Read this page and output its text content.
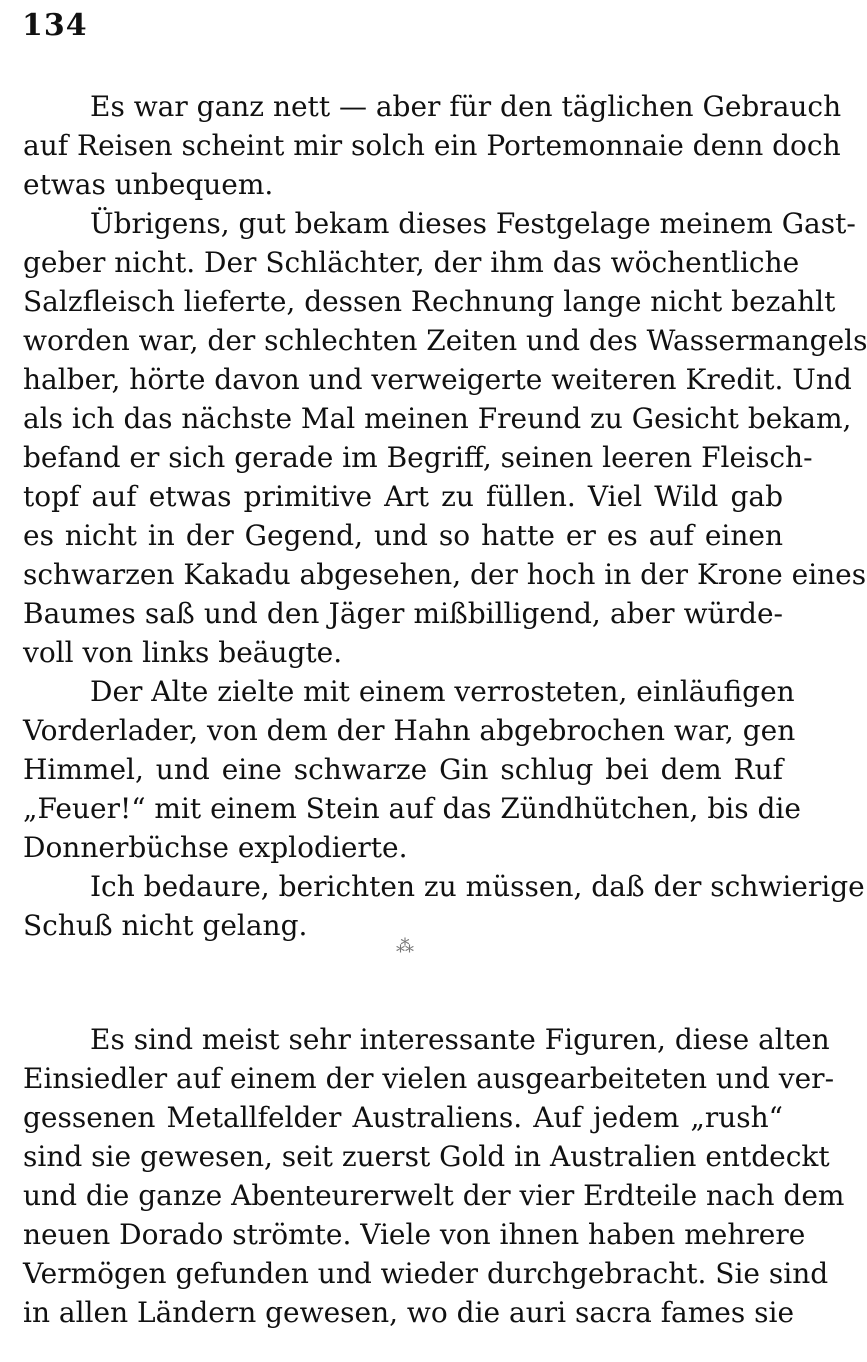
134
Es war ganz nett — aber für den täglichen Gebrauch
auf Reisen scheint mir solch ein Portemonnaie denn doch
etwas unbequem.
Übrigens, gut bekam dieses Festgelage meinem Gast-
geber nicht. Der Schlächter, der ihm das wöchentliche
Salzfleisch lieferte, dessen Rechnung lange nicht bezahlt
worden war, der schlechten Zeiten und des Wassermangels
halber, hörte davon und verweigerte weiteren Kredit. Und
als ich das nächste Mal meinen Freund zu Gesicht bekam,
befand er sich gerade im Begriff, seinen leeren Fleisch-
topf auf etwas primitive Art zu füllen. Viel Wild gab
es nicht in der Gegend, und so hatte er es auf einen
schwarzen Kakadu abgesehen, der hoch in der Krone eines
Baumes saß und den Jäger mißbilligend, aber würde-
voll von links beäugte.
Der Alte zielte mit einem verrosteten, einläufigen
Vorderlader, von dem der Hahn abgebrochen war, gen
Himmel, und eine schwarze Gin schlug bei dem Ruf
„Feuer!“ mit einem Stein auf das Zündhütchen, bis die
Donnerbüchse explodierte.
Ich bedaure, berichten zu müssen, daß der schwierige
Schuß nicht gelang.
⁂
Es sind meist sehr interessante Figuren, diese alten
Einsiedler auf einem der vielen ausgearbeiteten und ver-
gessenen Metallfelder Australiens. Auf jedem „rush“
sind sie gewesen, seit zuerst Gold in Australien entdeckt
und die ganze Abenteurerwelt der vier Erdteile nach dem
neuen Dorado strömte. Viele von ihnen haben mehrere
Vermögen gefunden und wieder durchgebracht. Sie sind
in allen Ländern gewesen, wo die auri sacra fames sie
